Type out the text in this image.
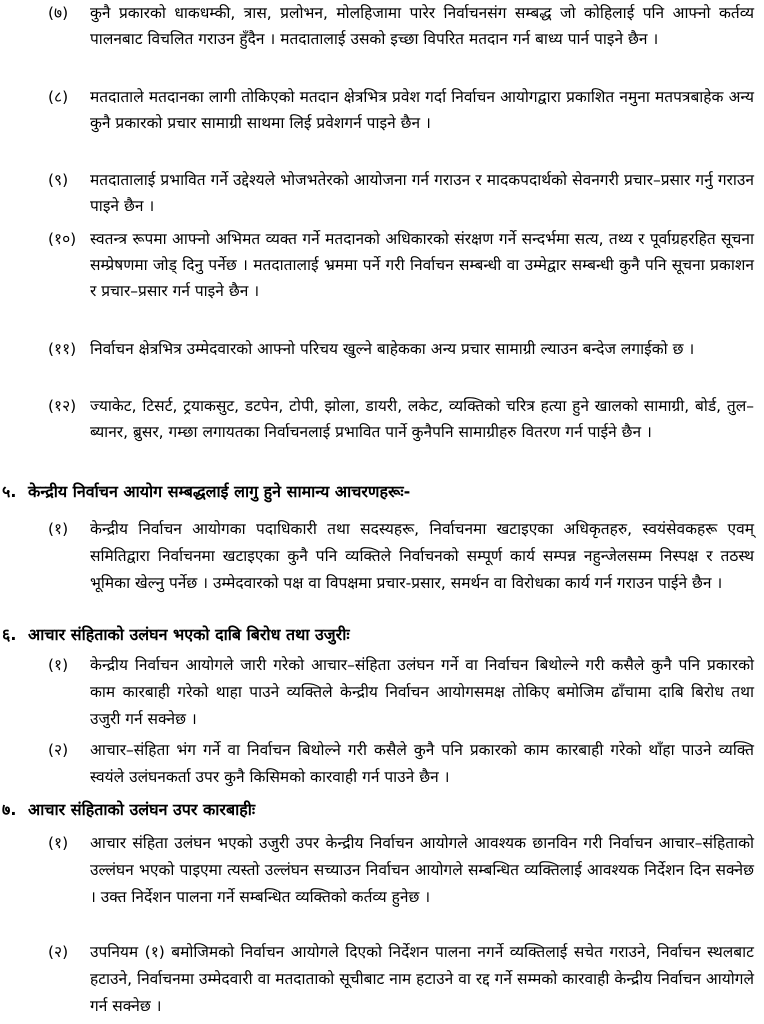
(७) कुनै प्रकारको धाकधम्की, त्रास, प्रलोभन, मोलहिजामा पारेर निर्वाचनसंग सम्बद्ध जो कोहिलाई पनि आफ्नो कर्तव्य पालनबाट विचलित गराउन हुँदैन । मतदातालाई उसको इच्छा विपरित मतदान गर्न बाध्य पार्न पाइने छैन ।
(८) मतदाताले मतदानका लागी तोकिएको मतदान क्षेत्रभित्र प्रवेश गर्दा निर्वाचन आयोगद्वारा प्रकाशित नमुना मतपत्रबाहेक अन्य कुनै प्रकारको प्रचार सामाग्री साथमा लिई प्रवेशगर्न पाइने छैन ।
(९) मतदातालाई प्रभावित गर्ने उद्देश्यले भोजभतेरको आयोजना गर्न गराउन र मादकपदार्थको सेवनगरी प्रचार–प्रसार गर्नु गराउन पाइने छैन ।
(१०) स्वतन्त्र रूपमा आफ्नो अभिमत व्यक्त गर्ने मतदानको अधिकारको संरक्षण गर्ने सन्दर्भमा सत्य, तथ्य र पूर्वाग्रहरहित सूचना सम्प्रेषणमा जोड् दिनु पर्नेछ । मतदातालाई भ्रममा पर्ने गरी निर्वाचन सम्बन्धी वा उम्मेद्वार सम्बन्धी कुनै पनि सूचना प्रकाशन र प्रचार–प्रसार गर्न पाइने छैन ।
(११) निर्वाचन क्षेत्रभित्र उम्मेदवारको आफ्नो परिचय खुल्ने बाहेकका अन्य प्रचार सामाग्री ल्याउन बन्देज लगाईको छ ।
(१२) ज्याकेट, टिसर्ट, ट्रयाकसुट, डटपेन, टोपी, झोला, डायरी, लकेट, व्यक्तिको चरित्र हत्या हुने खालको सामाग्री, बोर्ड, तुल–ब्यानर, ब्रुसर, गम्छा लगायतका निर्वाचनलाई प्रभावित पार्ने कुनैपनि सामाग्रीहरु वितरण गर्न पाईने छैन ।
५. केन्द्रीय निर्वाचन आयोग सम्बद्धलाई लागु हुने सामान्य आचरणहरूः-
(१) केन्द्रीय निर्वाचन आयोगका पदाधिकारी तथा सदस्यहरू, निर्वाचनमा खटाइएका अधिकृतहरु, स्वयंसेवकहरू एवम् समितिद्वारा निर्वाचनमा खटाइएका कुनै पनि व्यक्तिले निर्वाचनको सम्पूर्ण कार्य सम्पन्न नहुन्जेलसम्म निस्पक्ष र तठस्थ भूमिका खेल्नु पर्नेछ । उम्मेदवारको पक्ष वा विपक्षमा प्रचार-प्रसार, समर्थन वा विरोधका कार्य गर्न गराउन पाईने छैन ।
६. आचार संहिताको उलंघन भएको दाबि बिरोध तथा उजुरीः
(१) केन्द्रीय निर्वाचन आयोगले जारी गरेको आचार–संहिता उलंघन गर्ने वा निर्वाचन बिथोल्ने गरी कसैले कुनै पनि प्रकारको काम कारबाही गरेको थाहा पाउने व्यक्तिले केन्द्रीय निर्वाचन आयोगसमक्ष तोकिए बमोजिम ढाँचामा दाबि बिरोध तथा उजुरी गर्न सक्नेछ ।
(२) आचार–संहिता भंग गर्ने वा निर्वाचन बिथोल्ने गरी कसैले कुनै पनि प्रकारको काम कारबाही गरेको थाँहा पाउने व्यक्ति स्वयंले उलंघनकर्ता उपर कुनै किसिमको कारवाही गर्न पाउने छैन ।
७. आचार संहिताको उलंघन उपर कारबाहीः
(१) आचार संहिता उलंघन भएको उजुरी उपर केन्द्रीय निर्वाचन आयोगले आवश्यक छानविन गरी निर्वाचन आचार–संहिताको उल्लंघन भएको पाइएमा त्यस्तो उल्लंघन सच्याउन निर्वाचन आयोगले सम्बन्धित व्यक्तिलाई आवश्यक निर्देशन दिन सक्नेछ । उक्त निर्देशन पालना गर्ने सम्बन्धित व्यक्तिको कर्तव्य हुनेछ ।
(२) उपनियम (१) बमोजिमको निर्वाचन आयोगले दिएको निर्देशन पालना नगर्ने व्यक्तिलाई सचेत गराउने, निर्वाचन स्थलबाट हटाउने, निर्वाचनमा उम्मेदवारी वा मतदाताको सूचीबाट नाम हटाउने वा रद्द गर्ने सम्मको कारवाही केन्द्रीय निर्वाचन आयोगले गर्न सक्नेछ ।
